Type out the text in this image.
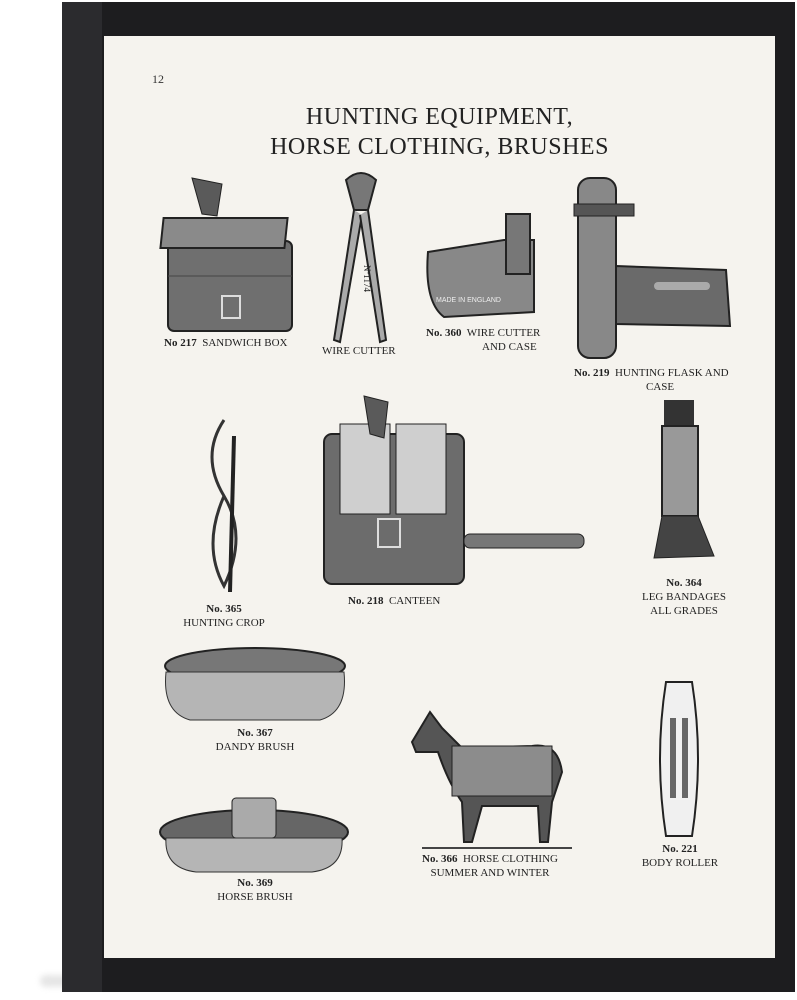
12
HUNTING EQUIPMENT,
HORSE CLOTHING, BRUSHES
Nº1174
MADE IN ENGLAND
No 217 SANDWICH BOX
WIRE CUTTER
No. 360 WIRE CUTTER
AND CASE
No. 219 HUNTING FLASK AND
CASE
No. 365
HUNTING CROP
No. 218 CANTEEN
No. 364
LEG BANDAGES
ALL GRADES
No. 367
DANDY BRUSH
No. 366 HORSE CLOTHING
SUMMER AND WINTER
No. 221
BODY ROLLER
No. 369
HORSE BRUSH
